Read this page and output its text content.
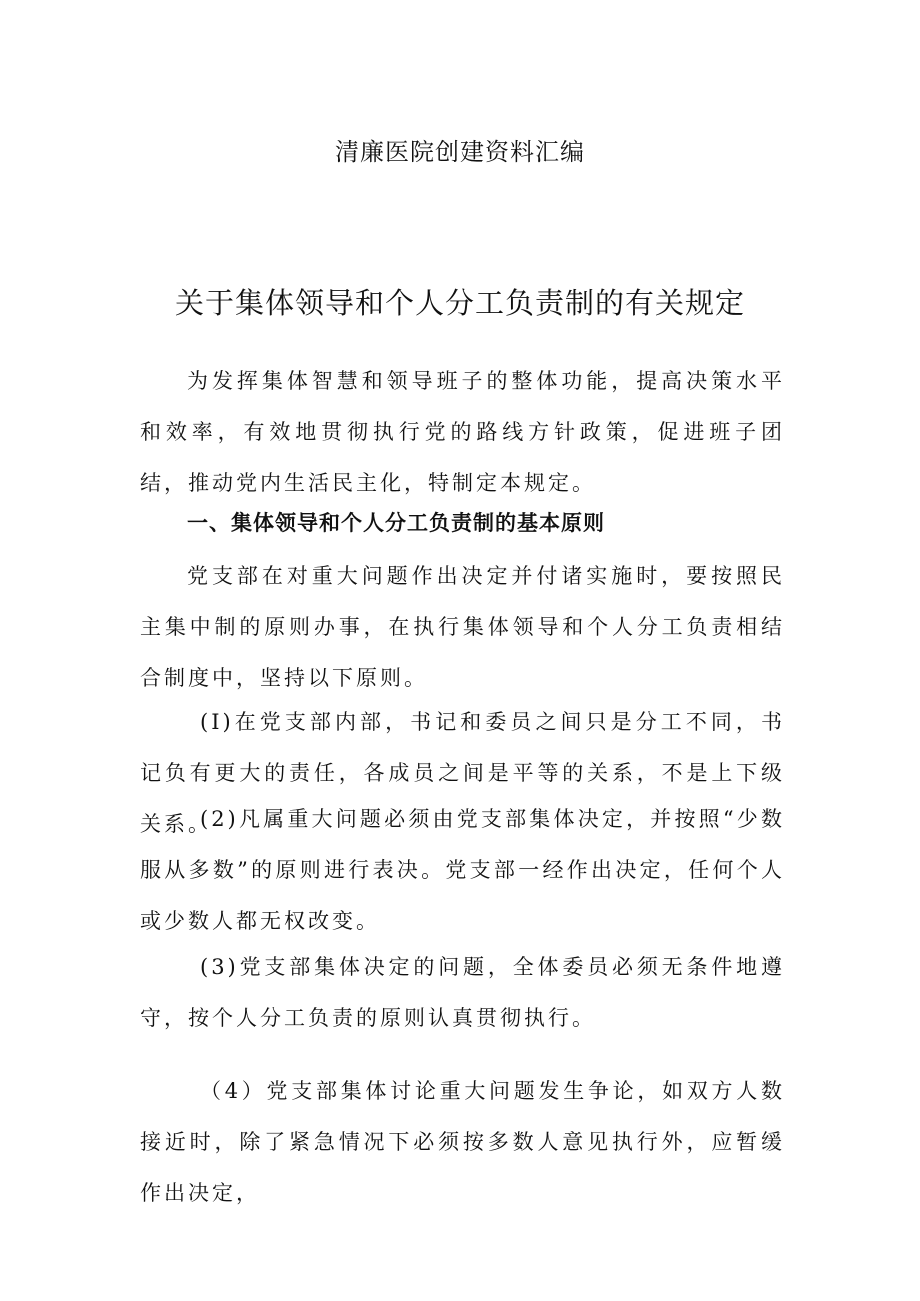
清廉医院创建资料汇编
关于集体领导和个人分工负责制的有关规定

为发挥集体智慧和领导班子的整体功能，提高决策水平和效率，有效地贯彻执行党的路线方针政策，促进班子团结，推动党内生活民主化，特制定本规定。

一、集体领导和个人分工负责制的基本原则

党支部在对重大问题作出决定并付诸实施时，要按照民主集中制的原则办事，在执行集体领导和个人分工负责相结合制度中，坚持以下原则。

(I)在党支部内部，书记和委员之间只是分工不同，书记负有更大的责任，各成员之间是平等的关系，不是上下级关系。

(2)凡属重大问题必须由党支部集体决定，并按照“少数服从多数”的原则进行表决。党支部一经作出决定，任何个人或少数人都无权改变。

(3)党支部集体决定的问题，全体委员必须无条件地遵守，按个人分工负责的原则认真贯彻执行。

（4）党支部集体讨论重大问题发生争论，如双方人数接近时，除了紧急情况下必须按多数人意见执行外，应暂缓作出决定，
